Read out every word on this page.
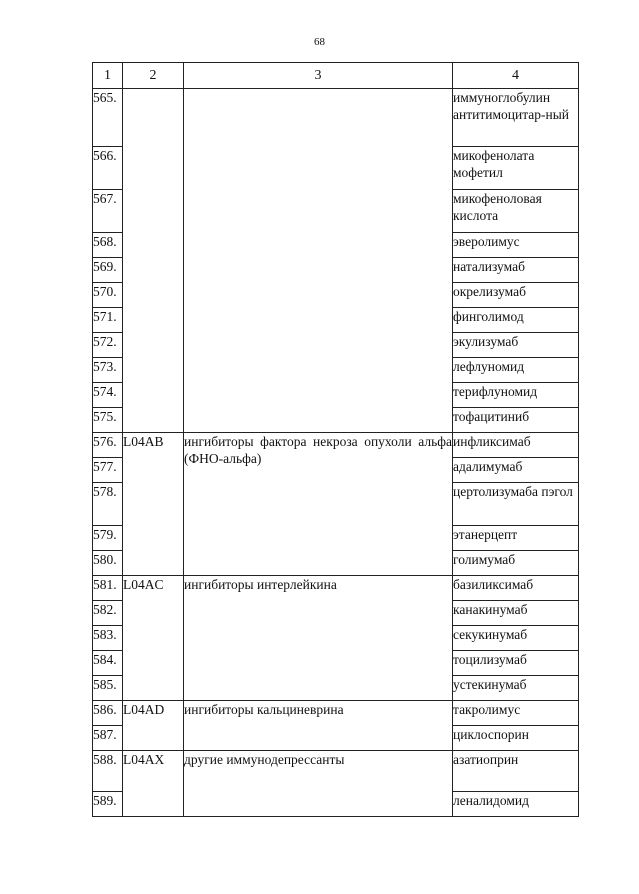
68
1	2	3	4
565.			иммуноглобулин антитимоцитар-ный
566.			микофенолата мофетил
567.			микофеноловая кислота
568.			эверолимус
569.			натализумаб
570.			окрелизумаб
571.			финголимод
572.			экулизумаб
573.			лефлуномид
574.			терифлуномид
575.			тофацитиниб
576.	L04AB	ингибиторы фактора некроза опухоли альфа (ФНО-альфа)	инфликсимаб
577.			адалимумаб
578.			цертолизумаба пэгол
579.			этанерцепт
580.			голимумаб
581.	L04AC	ингибиторы интерлейкина	базиликсимаб
582.			канакинумаб
583.			секукинумаб
584.			тоцилизумаб
585.			устекинумаб
586.	L04AD	ингибиторы кальциневрина	такролимус
587.			циклоспорин
588.	L04AX	другие иммунодепрессанты	азатиоприн
589.			леналидомид
